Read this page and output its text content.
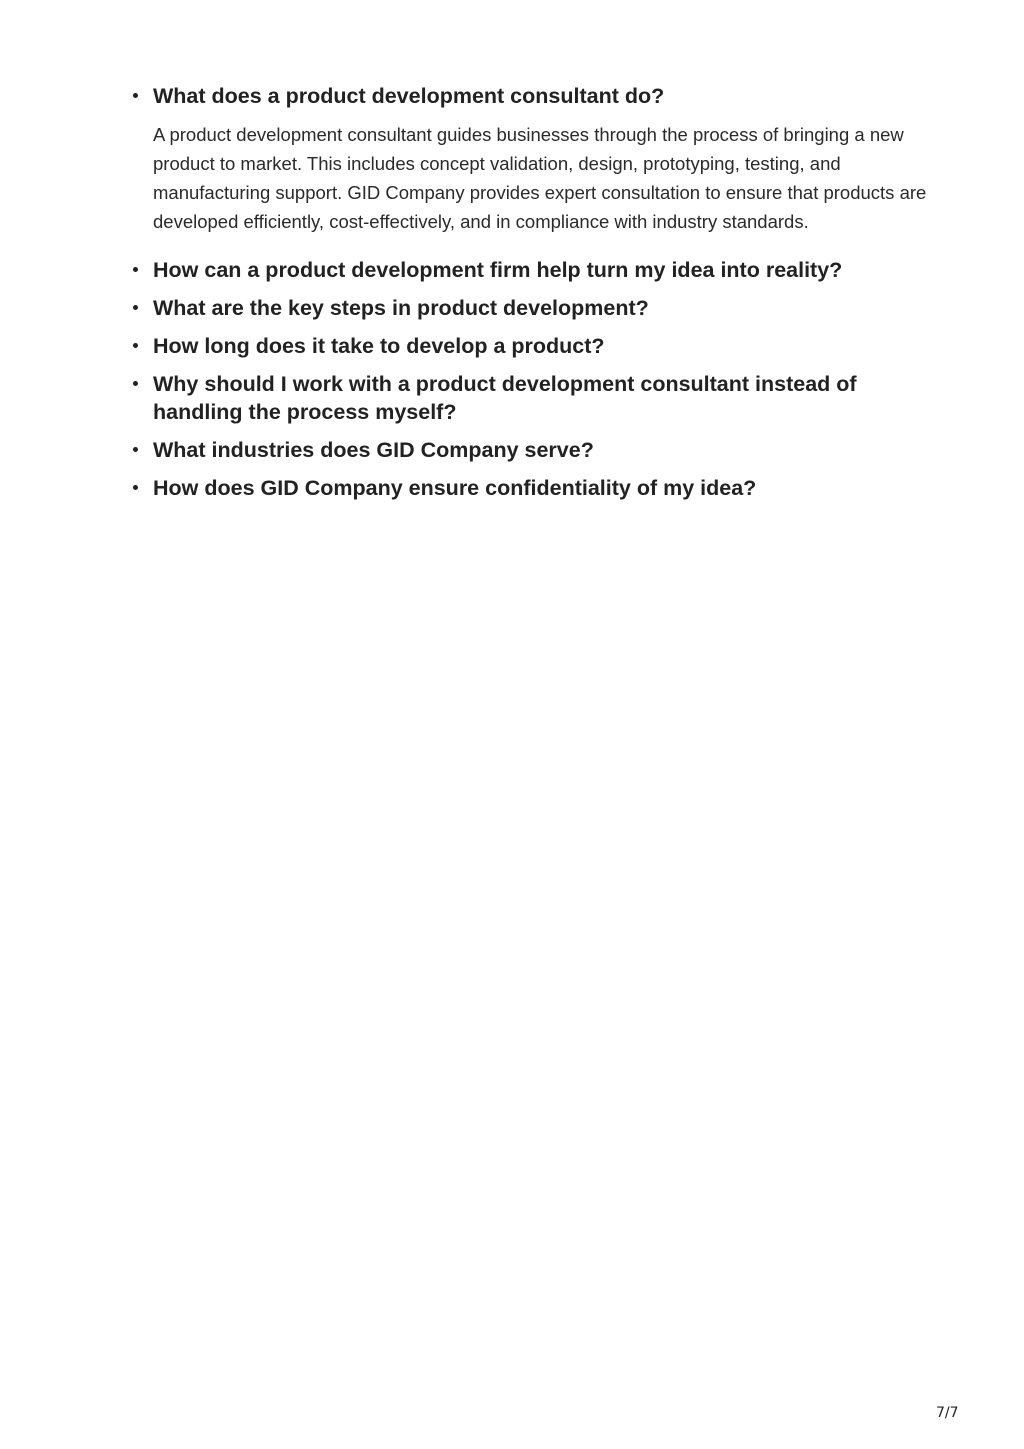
What does a product development consultant do?

A product development consultant guides businesses through the process of bringing a new product to market. This includes concept validation, design, prototyping, testing, and manufacturing support. GID Company provides expert consultation to ensure that products are developed efficiently, cost-effectively, and in compliance with industry standards.

How can a product development firm help turn my idea into reality?

What are the key steps in product development?

How long does it take to develop a product?

Why should I work with a product development consultant instead of handling the process myself?

What industries does GID Company serve?

How does GID Company ensure confidentiality of my idea?

7/7
